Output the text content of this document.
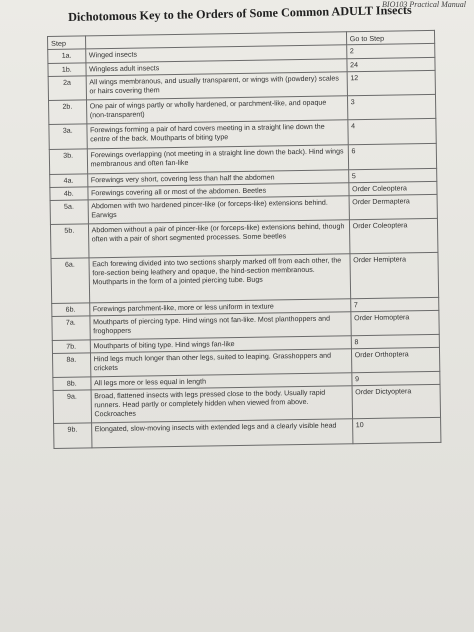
BIO103 Practical Manual
Dichotomous Key to the Orders of Some Common ADULT Insects
Step		Go to Step
1a.	Winged insects	2
1b.	Wingless adult insects	24
2a	All wings membranous, and usually transparent, or wings with (powdery) scales or hairs covering them	12
2b.	One pair of wings partly or wholly hardened, or parchment-like, and opaque (non-transparent)	3
3a.	Forewings forming a pair of hard covers meeting in a straight line down the centre of the back. Mouthparts of biting type	4
3b.	Forewings overlapping (not meeting in a straight line down the back). Hind wings membranous and often fan-like	6
4a.	Forewings very short, covering less than half the abdomen	5
4b.	Forewings covering all or most of the abdomen. Beetles	Order Coleoptera
5a.	Abdomen with two hardened pincer-like (or forceps-like) extensions behind. Earwigs	Order Dermaptera
5b.	Abdomen without a pair of pincer-like (or forceps-like) extensions behind, though often with a pair of short segmented processes. Some beetles	Order Coleoptera
6a.	Each forewing divided into two sections sharply marked off from each other, the fore-section being leathery and opaque, the hind-section membranous. Mouthparts in the form of a jointed piercing tube. Bugs	Order Hemiptera
6b.	Forewings parchment-like, more or less uniform in texture	7
7a.	Mouthparts of piercing type. Hind wings not fan-like. Most planthoppers and froghoppers	Order Homoptera
7b.	Mouthparts of biting type. Hind wings fan-like	8
8a.	Hind legs much longer than other legs, suited to leaping. Grasshoppers and crickets	Order Orthoptera
8b.	All legs more or less equal in length	9
9a.	Broad, flattened insects with legs pressed close to the body. Usually rapid runners. Head partly or completely hidden when viewed from above. Cockroaches	Order Dictyoptera
9b.	Elongated, slow-moving insects with extended legs and a clearly visible head	10
